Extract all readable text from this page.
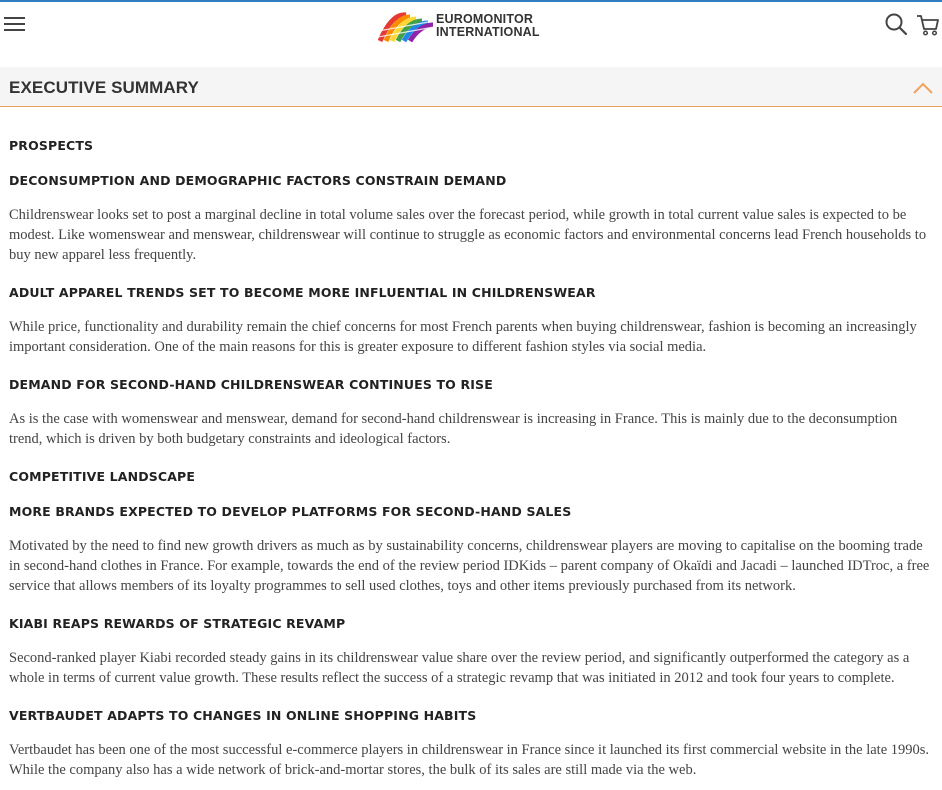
EUROMONITOR
INTERNATIONAL
EXECUTIVE SUMMARY
PROSPECTS
DECONSUMPTION AND DEMOGRAPHIC FACTORS CONSTRAIN DEMAND

Childrenswear looks set to post a marginal decline in total volume sales over the forecast period, while growth in total current value sales is expected to be modest. Like womenswear and menswear, childrenswear will continue to struggle as economic factors and environmental concerns lead French households to buy new apparel less frequently.

ADULT APPAREL TRENDS SET TO BECOME MORE INFLUENTIAL IN CHILDRENSWEAR

While price, functionality and durability remain the chief concerns for most French parents when buying childrenswear, fashion is becoming an increasingly important consideration. One of the main reasons for this is greater exposure to different fashion styles via social media.

DEMAND FOR SECOND-HAND CHILDRENSWEAR CONTINUES TO RISE

As is the case with womenswear and menswear, demand for second-hand childrenswear is increasing in France. This is mainly due to the deconsumption trend, which is driven by both budgetary constraints and ideological factors.

COMPETITIVE LANDSCAPE
MORE BRANDS EXPECTED TO DEVELOP PLATFORMS FOR SECOND-HAND SALES

Motivated by the need to find new growth drivers as much as by sustainability concerns, childrenswear players are moving to capitalise on the booming trade in second-hand clothes in France. For example, towards the end of the review period IDKids – parent company of Okaïdi and Jacadi – launched IDTroc, a free service that allows members of its loyalty programmes to sell used clothes, toys and other items previously purchased from its network.

KIABI REAPS REWARDS OF STRATEGIC REVAMP

Second-ranked player Kiabi recorded steady gains in its childrenswear value share over the review period, and significantly outperformed the category as a whole in terms of current value growth. These results reflect the success of a strategic revamp that was initiated in 2012 and took four years to complete.

VERTBAUDET ADAPTS TO CHANGES IN ONLINE SHOPPING HABITS

Vertbaudet has been one of the most successful e-commerce players in childrenswear in France since it launched its first commercial website in the late 1990s. While the company also has a wide network of brick-and-mortar stores, the bulk of its sales are still made via the web.
